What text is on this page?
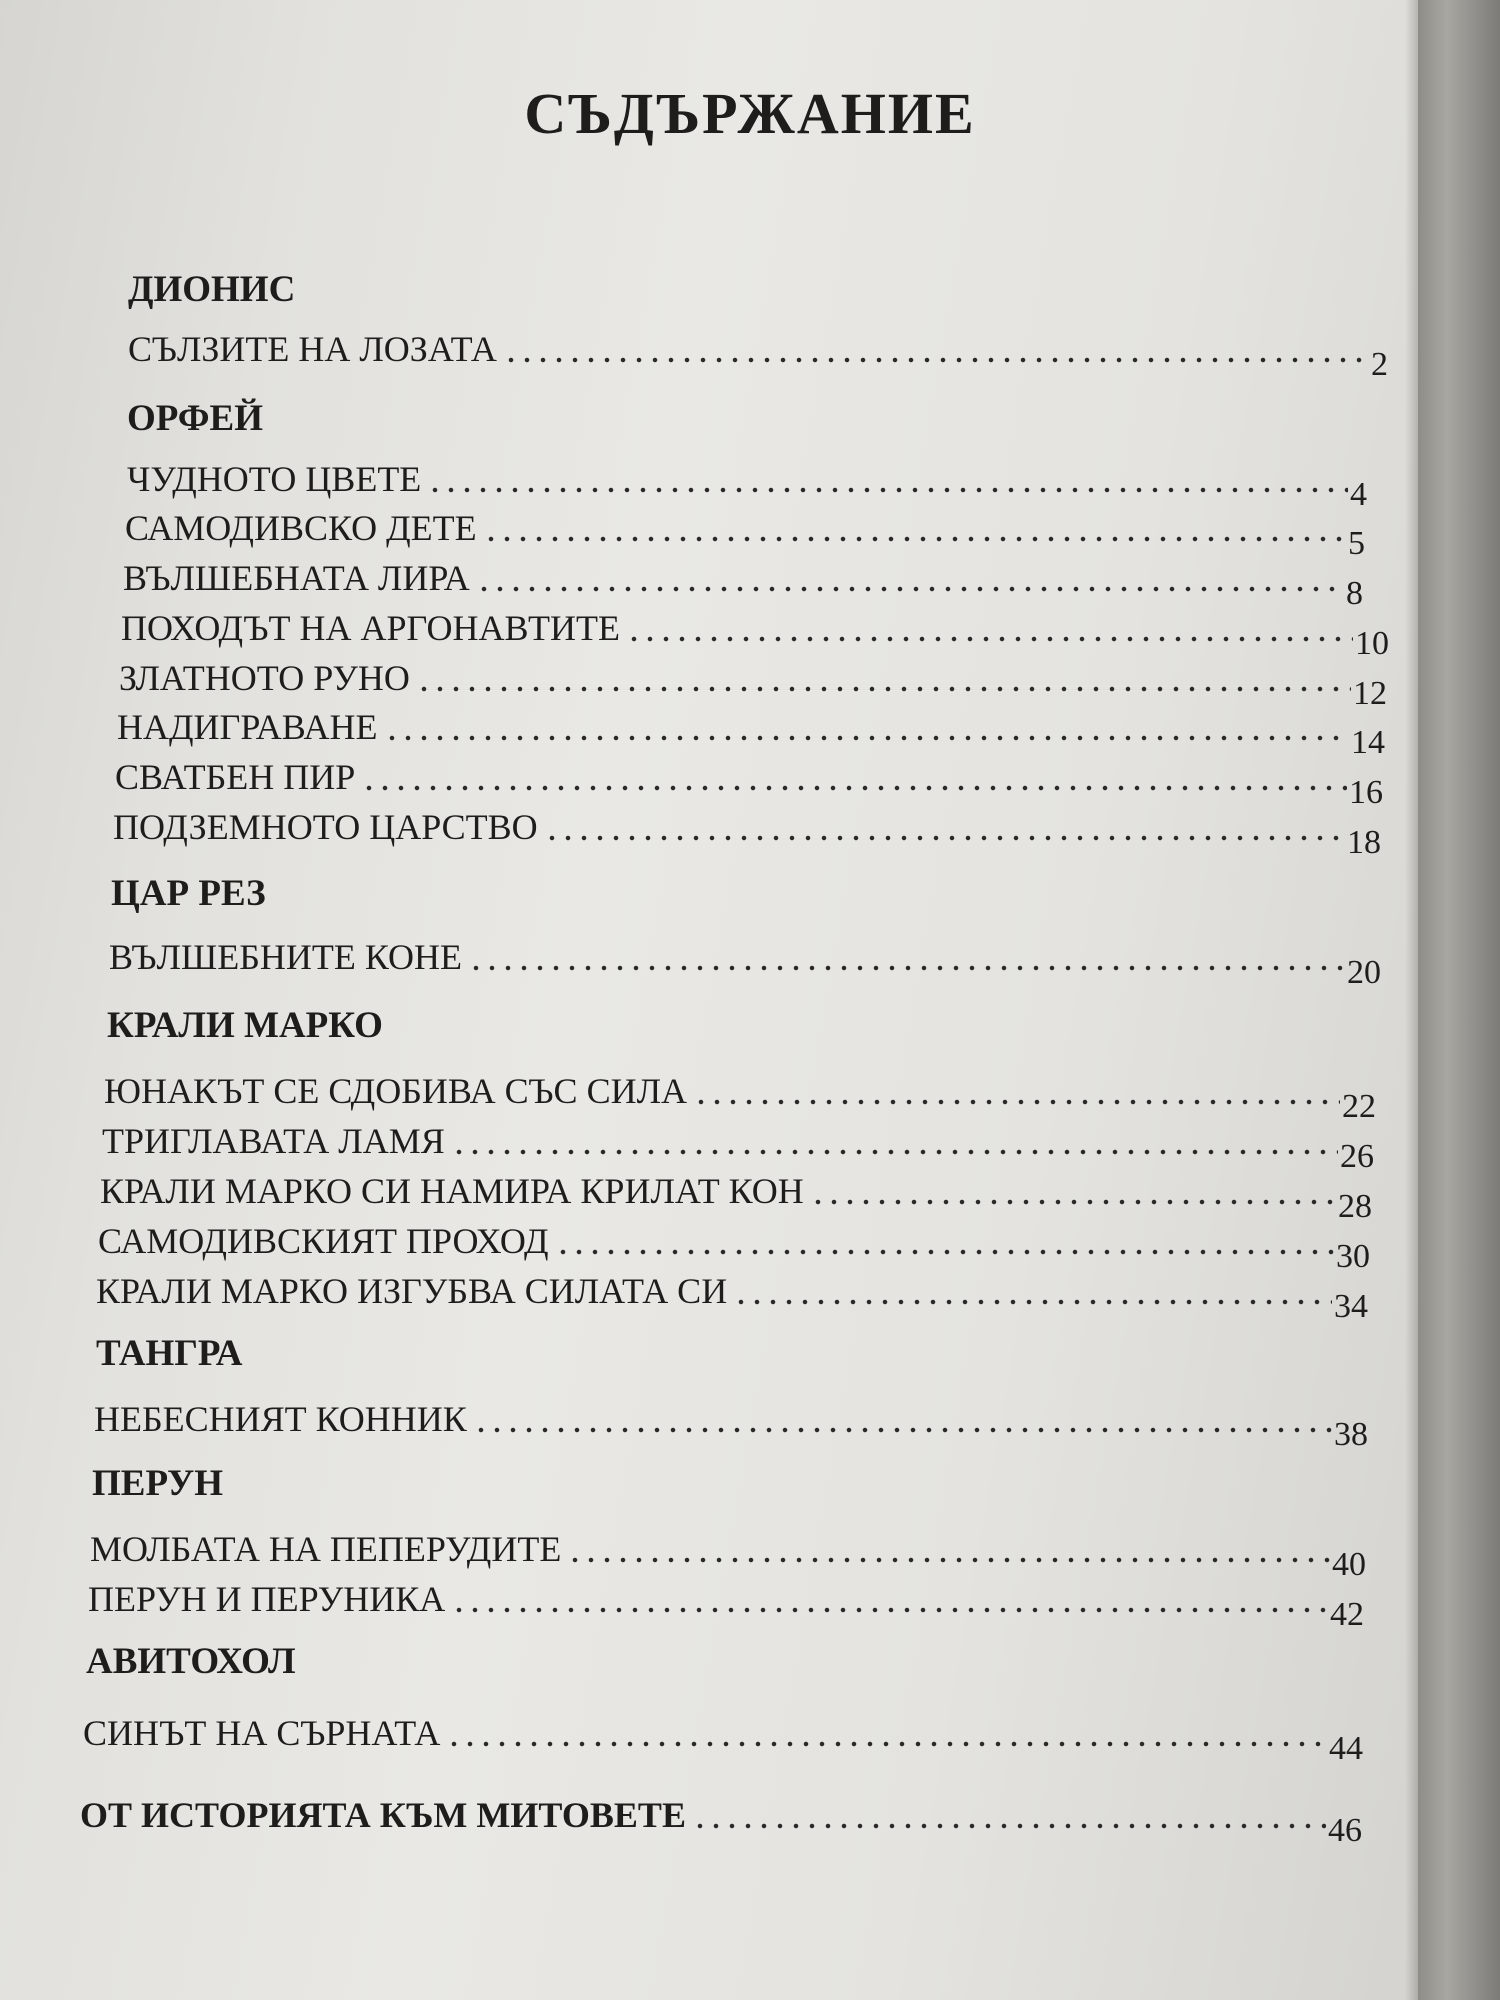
СЪДЪРЖАНИЕ
ДИОНИС
СЪЛЗИТЕ НА ЛОЗАТА	2
ОРФЕЙ
ЧУДНОТО ЦВЕТЕ	4
САМОДИВСКО ДЕТЕ	5
ВЪЛШЕБНАТА ЛИРА	8
ПОХОДЪТ НА АРГОНАВТИТЕ	10
ЗЛАТНОТО РУНО	12
НАДИГРАВАНЕ	14
СВАТБЕН ПИР	16
ПОДЗЕМНОТО ЦАРСТВО	18
ЦАР РЕЗ
ВЪЛШЕБНИТЕ КОНЕ	20
КРАЛИ МАРКО
ЮНАКЪТ СЕ СДОБИВА СЪС СИЛА	22
ТРИГЛАВАТА ЛАМЯ	26
КРАЛИ МАРКО СИ НАМИРА КРИЛАТ КОН	28
САМОДИВСКИЯТ ПРОХОД	30
КРАЛИ МАРКО ИЗГУБВА СИЛАТА СИ	34
ТАНГРА
НЕБЕСНИЯТ КОННИК	38
ПЕРУН
МОЛБАТА НА ПЕПЕРУДИТЕ	40
ПЕРУН И ПЕРУНИКА	42
АВИТОХОЛ
СИНЪТ НА СЪРНАТА	44
ОТ ИСТОРИЯТА КЪМ МИТОВЕТЕ	46
